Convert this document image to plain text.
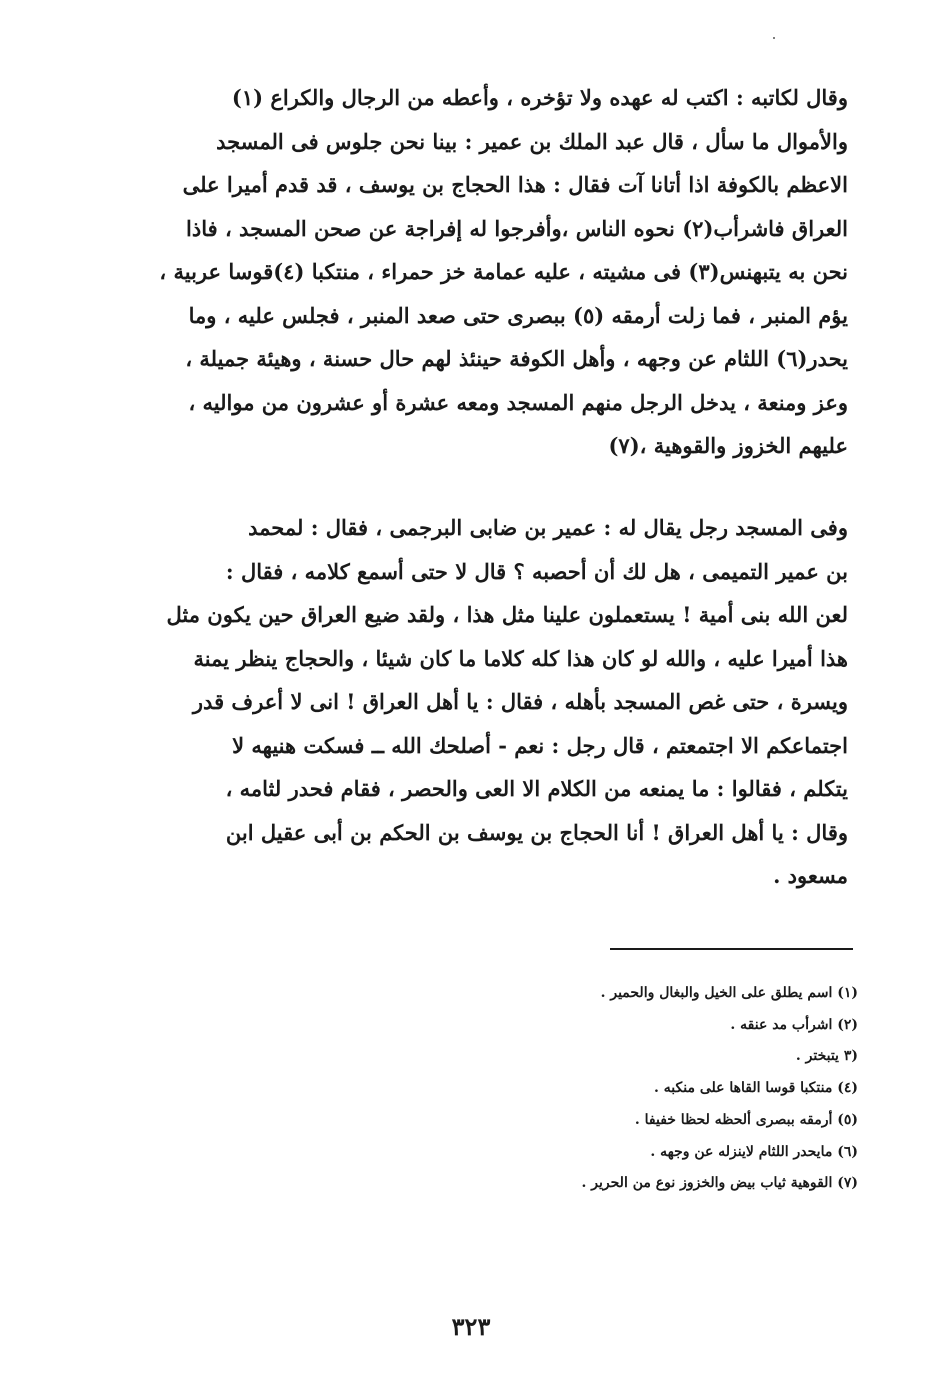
وقال لكاتبه : اكتب له عهده ولا تؤخره ، وأعطه من الرجال والكراع (١)
والأموال ما سأل ، قال عبد الملك بن عمير : بينا نحن جلوس فى المسجد
الاعظم بالكوفة اذا أتانا آت فقال : هذا الحجاج بن يوسف ، قد قدم أميرا على
العراق فاشرأب(٢) نحوه الناس ،وأفرجوا له إفراجة عن صحن المسجد ، فاذا
نحن به يتبهنس(٣) فى مشيته ، عليه عمامة خز حمراء ، منتكبا (٤)قوسا عربية ،
يؤم المنبر ، فما زلت أرمقه (٥) ببصرى حتى صعد المنبر ، فجلس عليه ، وما
يحدر(٦) اللثام عن وجهه ، وأهل الكوفة حينئذ لهم حال حسنة ، وهيئة جميلة ،
وعز ومنعة ، يدخل الرجل منهم المسجد ومعه عشرة أو عشرون من مواليه ،
عليهم الخزوز والقوهية ،(٧)
وفى المسجد رجل يقال له : عمير بن ضابى البرجمى ، فقال : لمحمد
بن عمير التميمى ، هل لك أن أحصبه ؟ قال لا حتى أسمع كلامه ، فقال :
لعن الله بنى أمية ! يستعملون علينا مثل هذا ، ولقد ضيع العراق حين يكون مثل
هذا أميرا عليه ، والله لو كان هذا كله كلاما ما كان شيئا ، والحجاج ينظر يمنة
ويسرة ، حتى غص المسجد بأهله ، فقال : يا أهل العراق ! انى لا أعرف قدر
اجتماعكم الا اجتمعتم ، قال رجل : نعم - أصلحك الله ــ فسكت هنيهه لا
يتكلم ، فقالوا : ما يمنعه من الكلام الا العى والحصر ، فقام فحدر لثامه ،
وقال : يا أهل العراق ! أنا الحجاج بن يوسف بن الحكم بن أبى عقيل ابن
مسعود .
(١) اسم يطلق على الخيل والبغال والحمير .
(٢) اشرأب مد عنقه .
(٣ يتبختر .
(٤) منتكبا قوسا القاها على منكبه .
(٥) أرمقه ببصرى ألحظه لحظا خفيفا .
(٦) مايحدر اللثام لاينزله عن وجهه .
(٧) القوهية ثياب بيض والخزوز نوع من الحرير .
٣٢٣
